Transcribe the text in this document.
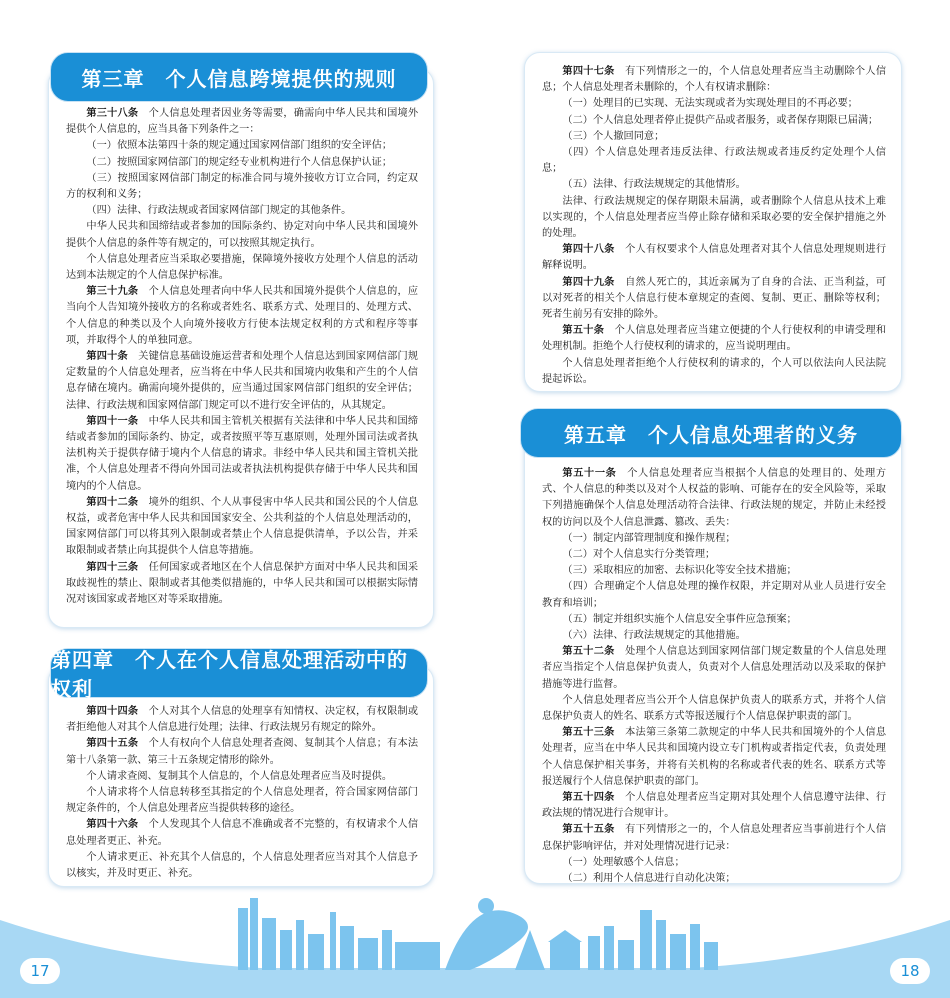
第三章　个人信息跨境提供的规则

第三十八条　 个人信息处理者因业务等需要，确需向中华人民共和国境外提供个人信息的，应当具备下列条件之一：

（一）依照本法第四十条的规定通过国家网信部门组织的安全评估；

（二）按照国家网信部门的规定经专业机构进行个人信息保护认证；

（三）按照国家网信部门制定的标准合同与境外接收方订立合同，约定双方的权利和义务；

（四）法律、行政法规或者国家网信部门规定的其他条件。

中华人民共和国缔结或者参加的国际条约、协定对向中华人民共和国境外提供个人信息的条件等有规定的，可以按照其规定执行。

个人信息处理者应当采取必要措施，保障境外接收方处理个人信息的活动达到本法规定的个人信息保护标准。

第三十九条　 个人信息处理者向中华人民共和国境外提供个人信息的，应当向个人告知境外接收方的名称或者姓名、联系方式、处理目的、处理方式、个人信息的种类以及个人向境外接收方行使本法规定权利的方式和程序等事项，并取得个人的单独同意。

第四十条　 关键信息基础设施运营者和处理个人信息达到国家网信部门规定数量的个人信息处理者，应当将在中华人民共和国境内收集和产生的个人信息存储在境内。确需向境外提供的，应当通过国家网信部门组织的安全评估；法律、行政法规和国家网信部门规定可以不进行安全评估的，从其规定。

第四十一条　 中华人民共和国主管机关根据有关法律和中华人民共和国缔结或者参加的国际条约、协定，或者按照平等互惠原则，处理外国司法或者执法机构关于提供存储于境内个人信息的请求。非经中华人民共和国主管机关批准，个人信息处理者不得向外国司法或者执法机构提供存储于中华人民共和国境内的个人信息。

第四十二条　 境外的组织、个人从事侵害中华人民共和国公民的个人信息权益，或者危害中华人民共和国国家安全、公共利益的个人信息处理活动的，国家网信部门可以将其列入限制或者禁止个人信息提供清单，予以公告，并采取限制或者禁止向其提供个人信息等措施。

第四十三条　 任何国家或者地区在个人信息保护方面对中华人民共和国采取歧视性的禁止、限制或者其他类似措施的，中华人民共和国可以根据实际情况对该国家或者地区对等采取措施。

第四章　个人在个人信息处理活动中的权利

第四十四条　 个人对其个人信息的处理享有知情权、决定权，有权限制或者拒绝他人对其个人信息进行处理；法律、行政法规另有规定的除外。

第四十五条　 个人有权向个人信息处理者查阅、复制其个人信息；有本法第十八条第一款、第三十五条规定情形的除外。

个人请求查阅、复制其个人信息的，个人信息处理者应当及时提供。

个人请求将个人信息转移至其指定的个人信息处理者，符合国家网信部门规定条件的，个人信息处理者应当提供转移的途径。

第四十六条　 个人发现其个人信息不准确或者不完整的，有权请求个人信息处理者更正、补充。

个人请求更正、补充其个人信息的，个人信息处理者应当对其个人信息予以核实，并及时更正、补充。

第四十七条　 有下列情形之一的，个人信息处理者应当主动删除个人信息；个人信息处理者未删除的，个人有权请求删除：

（一）处理目的已实现、无法实现或者为实现处理目的不再必要；

（二）个人信息处理者停止提供产品或者服务，或者保存期限已届满；

（三）个人撤回同意；

（四）个人信息处理者违反法律、行政法规或者违反约定处理个人信息；

（五）法律、行政法规规定的其他情形。

法律、行政法规规定的保存期限未届满，或者删除个人信息从技术上难以实现的，个人信息处理者应当停止除存储和采取必要的安全保护措施之外的处理。

第四十八条　 个人有权要求个人信息处理者对其个人信息处理规则进行解释说明。

第四十九条　 自然人死亡的，其近亲属为了自身的合法、正当利益，可以对死者的相关个人信息行使本章规定的查阅、复制、更正、删除等权利；死者生前另有安排的除外。

第五十条　 个人信息处理者应当建立便捷的个人行使权利的申请受理和处理机制。拒绝个人行使权利的请求的，应当说明理由。

个人信息处理者拒绝个人行使权利的请求的，个人可以依法向人民法院提起诉讼。

第五章　个人信息处理者的义务

第五十一条　 个人信息处理者应当根据个人信息的处理目的、处理方式、个人信息的种类以及对个人权益的影响、可能存在的安全风险等，采取下列措施确保个人信息处理活动符合法律、行政法规的规定，并防止未经授权的访问以及个人信息泄露、篡改、丢失：

（一）制定内部管理制度和操作规程；

（二）对个人信息实行分类管理；

（三）采取相应的加密、去标识化等安全技术措施；

（四）合理确定个人信息处理的操作权限，并定期对从业人员进行安全教育和培训；

（五）制定并组织实施个人信息安全事件应急预案；

（六）法律、行政法规规定的其他措施。

第五十二条　 处理个人信息达到国家网信部门规定数量的个人信息处理者应当指定个人信息保护负责人，负责对个人信息处理活动以及采取的保护措施等进行监督。

个人信息处理者应当公开个人信息保护负责人的联系方式，并将个人信息保护负责人的姓名、联系方式等报送履行个人信息保护职责的部门。

第五十三条　 本法第三条第二款规定的中华人民共和国境外的个人信息处理者，应当在中华人民共和国境内设立专门机构或者指定代表，负责处理个人信息保护相关事务，并将有关机构的名称或者代表的姓名、联系方式等报送履行个人信息保护职责的部门。

第五十四条　 个人信息处理者应当定期对其处理个人信息遵守法律、行政法规的情况进行合规审计。

第五十五条　 有下列情形之一的，个人信息处理者应当事前进行个人信息保护影响评估，并对处理情况进行记录：

（一）处理敏感个人信息；

（二）利用个人信息进行自动化决策；

17	18
